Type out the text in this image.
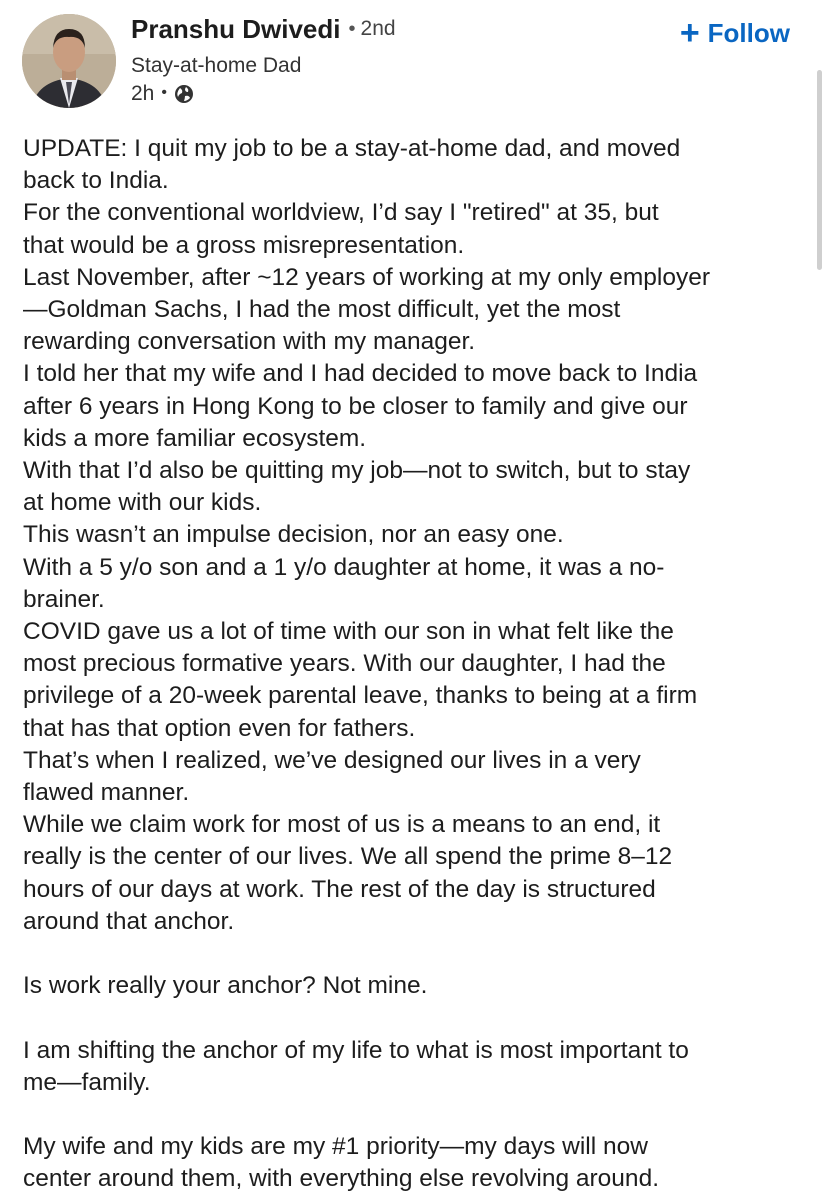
Pranshu Dwivedi • 2nd
Stay-at-home Dad
2h •
+ Follow

UPDATE: I quit my job to be a stay-at-home dad, and moved

back to India.

For the conventional worldview, I’d say I "retired" at 35, but

that would be a gross misrepresentation.

Last November, after ~12 years of working at my only employer

—Goldman Sachs, I had the most difficult, yet the most

rewarding conversation with my manager.

I told her that my wife and I had decided to move back to India

after 6 years in Hong Kong to be closer to family and give our

kids a more familiar ecosystem.

With that I’d also be quitting my job—not to switch, but to stay

at home with our kids.

This wasn’t an impulse decision, nor an easy one.

With a 5 y/o son and a 1 y/o daughter at home, it was a no-

brainer.

COVID gave us a lot of time with our son in what felt like the

most precious formative years. With our daughter, I had the

privilege of a 20-week parental leave, thanks to being at a firm

that has that option even for fathers.

That’s when I realized, we’ve designed our lives in a very

flawed manner.

While we claim work for most of us is a means to an end, it

really is the center of our lives. We all spend the prime 8–12

hours of our days at work. The rest of the day is structured

around that anchor.

Is work really your anchor? Not mine.

I am shifting the anchor of my life to what is most important to

me—family.

My wife and my kids are my #1 priority—my days will now

center around them, with everything else revolving around.
